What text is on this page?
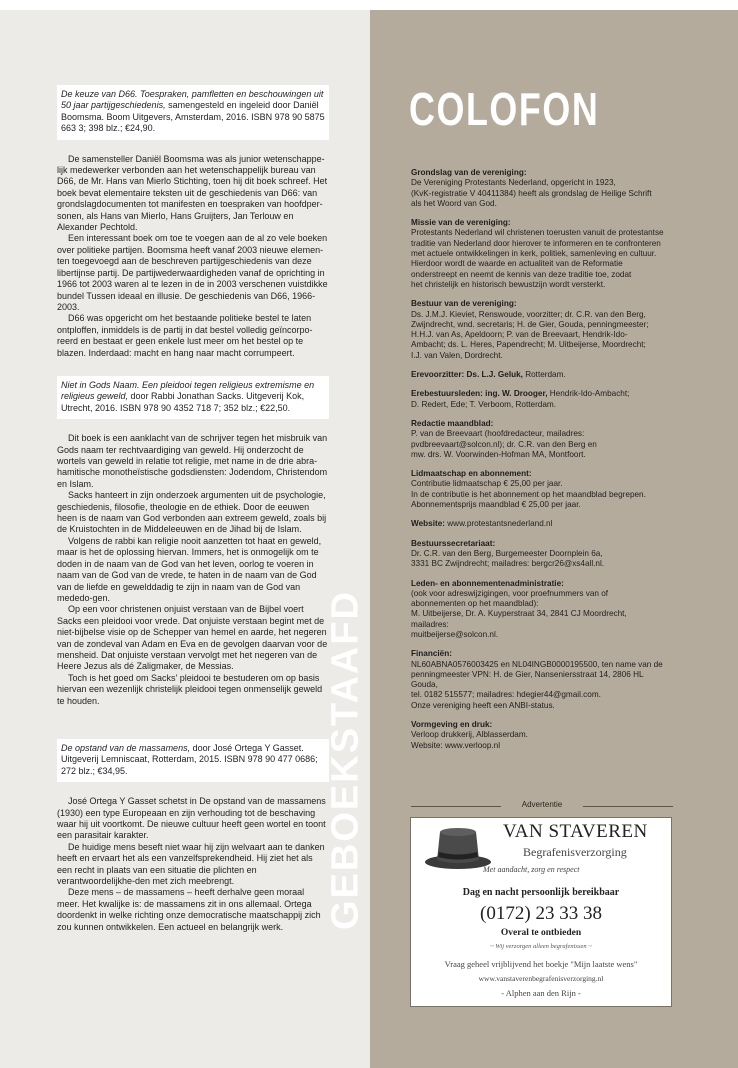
De keuze van D66. Toespraken, pamfletten en beschouwingen uit 50 jaar partijgeschiedenis, samengesteld en ingeleid door Daniël Boomsma. Boom Uitgevers, Amsterdam, 2016. ISBN 978 90 5875 663 3; 398 blz.; €24,90.

De samensteller Daniël Boomsma was als junior wetenschappe-lijk medewerker verbonden aan het wetenschappelijk bureau van D66, de Mr. Hans van Mierlo Stichting, toen hij dit boek schreef. Het boek bevat elementaire teksten uit de geschiedenis van D66: van grondslagdocumenten tot manifesten en toespraken van hoofdper-sonen, als Hans van Mierlo, Hans Gruijters, Jan Terlouw en Alexander Pechtold.

Een interessant boek om toe te voegen aan de al zo vele boeken over politieke partijen. Boomsma heeft vanaf 2003 nieuwe elemen-ten toegevoegd aan de beschreven partijgeschiedenis van deze libertijnse partij. De partijwederwaardigheden vanaf de oprichting in 1966 tot 2003 waren al te lezen in de in 2003 verschenen vuistdikke bundel Tussen ideaal en illusie. De geschiedenis van D66, 1966-2003.

D66 was opgericht om het bestaande politieke bestel te laten ontploffen, inmiddels is de partij in dat bestel volledig geïncorpo-reerd en bestaat er geen enkele lust meer om het bestel op te blazen. Inderdaad: macht en hang naar macht corrumpeert.

Niet in Gods Naam. Een pleidooi tegen religieus extremisme en religieus geweld, door Rabbi Jonathan Sacks. Uitgeverij Kok, Utrecht, 2016. ISBN 978 90 4352 718 7; 352 blz.; €22,50.

Dit boek is een aanklacht van de schrijver tegen het misbruik van Gods naam ter rechtvaardiging van geweld. Hij onderzocht de wortels van geweld in relatie tot religie, met name in de drie abra-hamitische monotheïstische godsdiensten: Jodendom, Christendom en Islam.

Sacks hanteert in zijn onderzoek argumenten uit de psychologie, geschiedenis, filosofie, theologie en de ethiek. Door de eeuwen heen is de naam van God verbonden aan extreem geweld, zoals bij de Kruistochten in de Middeleeuwen en de Jihad bij de Islam.

Volgens de rabbi kan religie nooit aanzetten tot haat en geweld, maar is het de oplossing hiervan. Immers, het is onmogelijk om te doden in de naam van de God van het leven, oorlog te voeren in naam van de God van de vrede, te haten in de naam van de God van de liefde en gewelddadig te zijn in naam van de God van mededo-gen.

Op een voor christenen onjuist verstaan van de Bijbel voert Sacks een pleidooi voor vrede. Dat onjuiste verstaan begint met de niet-bijbelse visie op de Schepper van hemel en aarde, het negeren van de zondeval van Adam en Eva en de gevolgen daarvan voor de mensheid. Dat onjuiste verstaan vervolgt met het negeren van de Heere Jezus als dé Zaligmaker, de Messias.

Toch is het goed om Sacks' pleidooi te bestuderen om op basis hiervan een wezenlijk christelijk pleidooi tegen onmenselijk geweld te houden.

De opstand van de massamens, door José Ortega Y Gasset. Uitgeverij Lemniscaat, Rotterdam, 2015. ISBN 978 90 477 0686; 272 blz.; €34,95.

José Ortega Y Gasset schetst in De opstand van de massamens (1930) een type Europeaan en zijn verhouding tot de beschaving waar hij uit voortkomt. De nieuwe cultuur heeft geen wortel en toont een parasitair karakter.

De huidige mens beseft niet waar hij zijn welvaart aan te danken heeft en ervaart het als een vanzelfsprekendheid. Hij ziet het als een recht in plaats van een situatie die plichten en verantwoordelijkhe-den met zich meebrengt.

Deze mens – de massamens – heeft derhalve geen moraal meer. Het kwalijke is: de massamens zit in ons allemaal. Ortega doordenkt in welke richting onze democratische maatschappij zich zou kunnen ontwikkelen. Een actueel en belangrijk werk.	GEBOEKSTAAFD
COLOFON
Grondslag van de vereniging:
De Vereniging Protestants Nederland, opgericht in 1923,
(KvK-registratie V 40411384) heeft als grondslag de Heilige Schrift
als het Woord van God.
Missie van de vereniging:
Protestants Nederland wil christenen toerusten vanuit de protestantse
traditie van Nederland door hierover te informeren en te confronteren
met actuele ontwikkelingen in kerk, politiek, samenleving en cultuur.
Hierdoor wordt de waarde en actualiteit van de Reformatie
onderstreept en neemt de kennis van deze traditie toe, zodat
het christelijk en historisch bewustzijn wordt versterkt.
Bestuur van de vereniging:
Ds. J.M.J. Kieviet, Renswoude, voorzitter; dr. C.R. van den Berg,
Zwijndrecht, wnd. secretaris; H. de Gier, Gouda, penningmeester;
H.H.J. van As, Apeldoorn; P. van de Breevaart, Hendrik-Ido-
Ambacht; ds. L. Heres, Papendrecht; M. Uitbeijerse, Moordrecht;
I.J. van Valen, Dordrecht.
Erevoorzitter: Ds. L.J. Geluk, Rotterdam.
Erebestuursleden: ing. W. Drooger, Hendrik-Ido-Ambacht;
D. Redert, Ede; T. Verboom, Rotterdam.
Redactie maandblad:
P. van de Breevaart (hoofdredacteur, mailadres:
pvdbreevaart@solcon.nl); dr. C.R. van den Berg en
mw. drs. W. Voorwinden-Hofman MA, Montfoort.
Lidmaatschap en abonnement:
Contributie lidmaatschap € 25,00 per jaar.
In de contributie is het abonnement op het maandblad begrepen.
Abonnementsprijs maandblad € 25,00 per jaar.
Website: www.protestantsnederland.nl
Bestuurssecretariaat:
Dr. C.R. van den Berg, Burgemeester Doornplein 6a,
3331 BC Zwijndrecht; mailadres: bergcr26@xs4all.nl.
Leden- en abonnementenadministratie:
(ook voor adreswijzigingen, voor proefnummers van of
abonnementen op het maandblad):
M. Uitbeijerse, Dr. A. Kuyperstraat 34, 2841 CJ Moordrecht, mailadres:
muitbeijerse@solcon.nl.
Financiën:
NL60ABNA0576003425 en NL04INGB0000195500, ten name van de
penningmeester VPN: H. de Gier, Nanseniersstraat 14, 2806 HL Gouda,
tel. 0182 515577; mailadres: hdegier44@gmail.com.
Onze vereniging heeft een ANBI-status.
Vormgeving en druk:
Verloop drukkerij, Alblasserdam.
Website: www.verloop.nl
Advertentie
VAN STAVEREN
Begrafenisverzorging
Met aandacht, zorg en respect
Dag en nacht persoonlijk bereikbaar
(0172) 23 33 38
Overal te ontbieden
~ Wij verzorgen alleen begrafenissen ~
Vraag geheel vrijblijvend het boekje "Mijn laatste wens"
www.vanstaverenbegrafenisverzorging.nl
- Alphen aan den Rijn -
